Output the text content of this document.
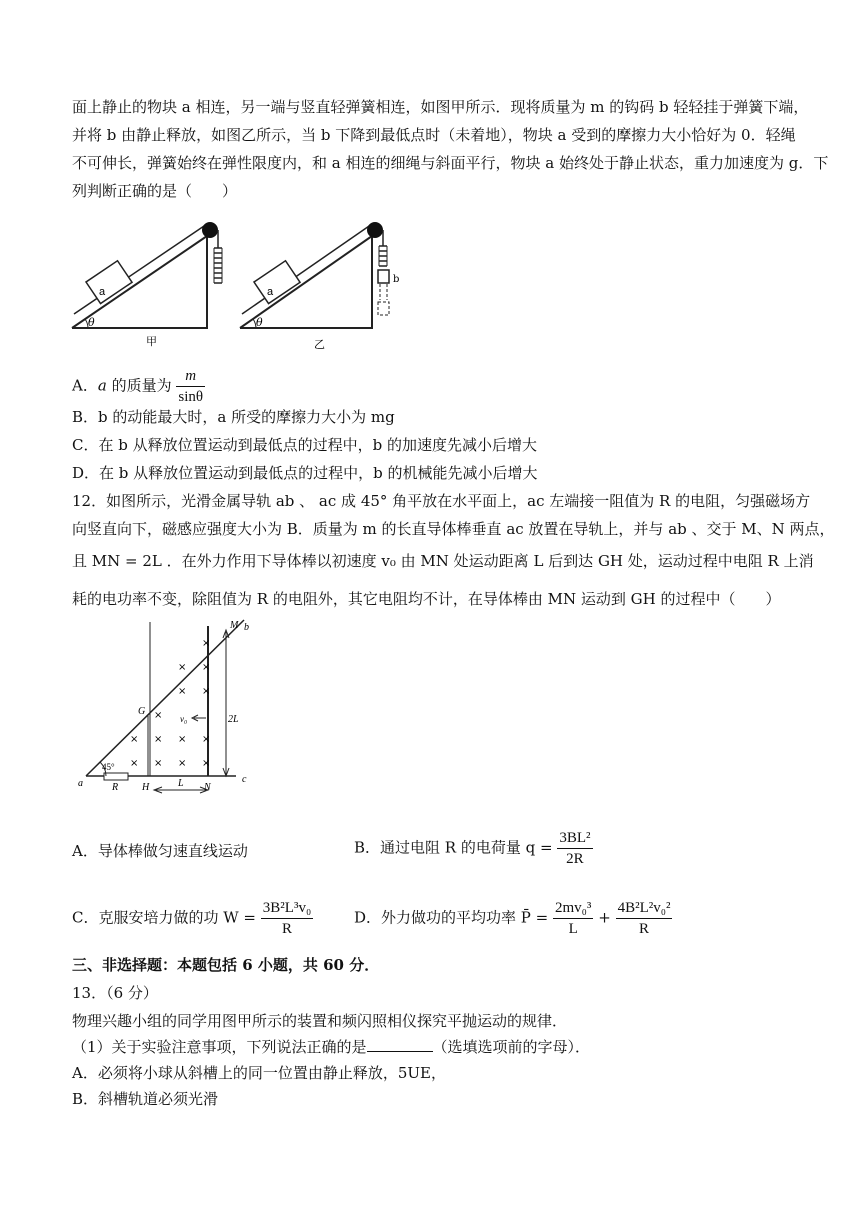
面上静止的物块 a 相连，另一端与竖直轻弹簧相连，如图甲所示．现将质量为 m 的钩码 b 轻轻挂于弹簧下端，
并将 b 由静止释放，如图乙所示，当 b 下降到最低点时（未着地），物块 a 受到的摩擦力大小恰好为 0．轻绳
不可伸长，弹簧始终在弹性限度内，和 a 相连的细绳与斜面平行，物块 a 始终处于静止状态，重力加速度为 g．下
列判断正确的是（　　）
a
θ
甲
b
a
θ
乙
A．a 的质量为 $\frac{m}{\sin\theta}$
B．b 的动能最大时，a 所受的摩擦力大小为 mg
C．在 b 从释放位置运动到最低点的过程中，b 的加速度先减小后增大
D．在 b 从释放位置运动到最低点的过程中，b 的机械能先减小后增大
12．如图所示，光滑金属导轨 ab 、 ac 成 45° 角平放在水平面上，ac 左端接一阻值为 R 的电阻，匀强磁场方
向竖直向下，磁感应强度大小为 B．质量为 m 的长直导体棒垂直 ac 放置在导轨上，并与 ab 、交于 M、N 两点，
且 MN = 2L ．在外力作用下导体棒以初速度 v₀ 由 MN 处运动距离 L 后到达 GH 处，运动过程中电阻 R 上消
耗的电功率不变，除阻值为 R 的电阻外，其它电阻均不计，在导体棒由 MN 运动到 GH 的过程中（　　）
×
× ×
× ×
×
× × ×
×
× × × ×
M b
a	c
N
G
H
R	L
2L
v₀
45°
A．导体棒做匀速直线运动	B．通过电阻 R 的电荷量 $q = \frac{\text{3BL²}}{2R}$
C．克服安培力做的功 $W = \frac{\text{3B²L³v₀}}{R}$	D．外力做功的平均功率 P̄ = $\frac{\text{2mv₀³}}{L} + \frac{\text{4B²L²v₀²}}{R}$
三、非选择题：本题包括 6 小题，共 60 分．
13．（6 分）
物理兴趣小组的同学用图甲所示的装置和频闪照相仪探究平抛运动的规律．
（1）关于实验注意事项，下列说法正确的是	（选填选项前的字母）．
A．必须将小球从斜槽上的同一位置由静止释放，5UE，
B．斜槽轨道必须光滑
